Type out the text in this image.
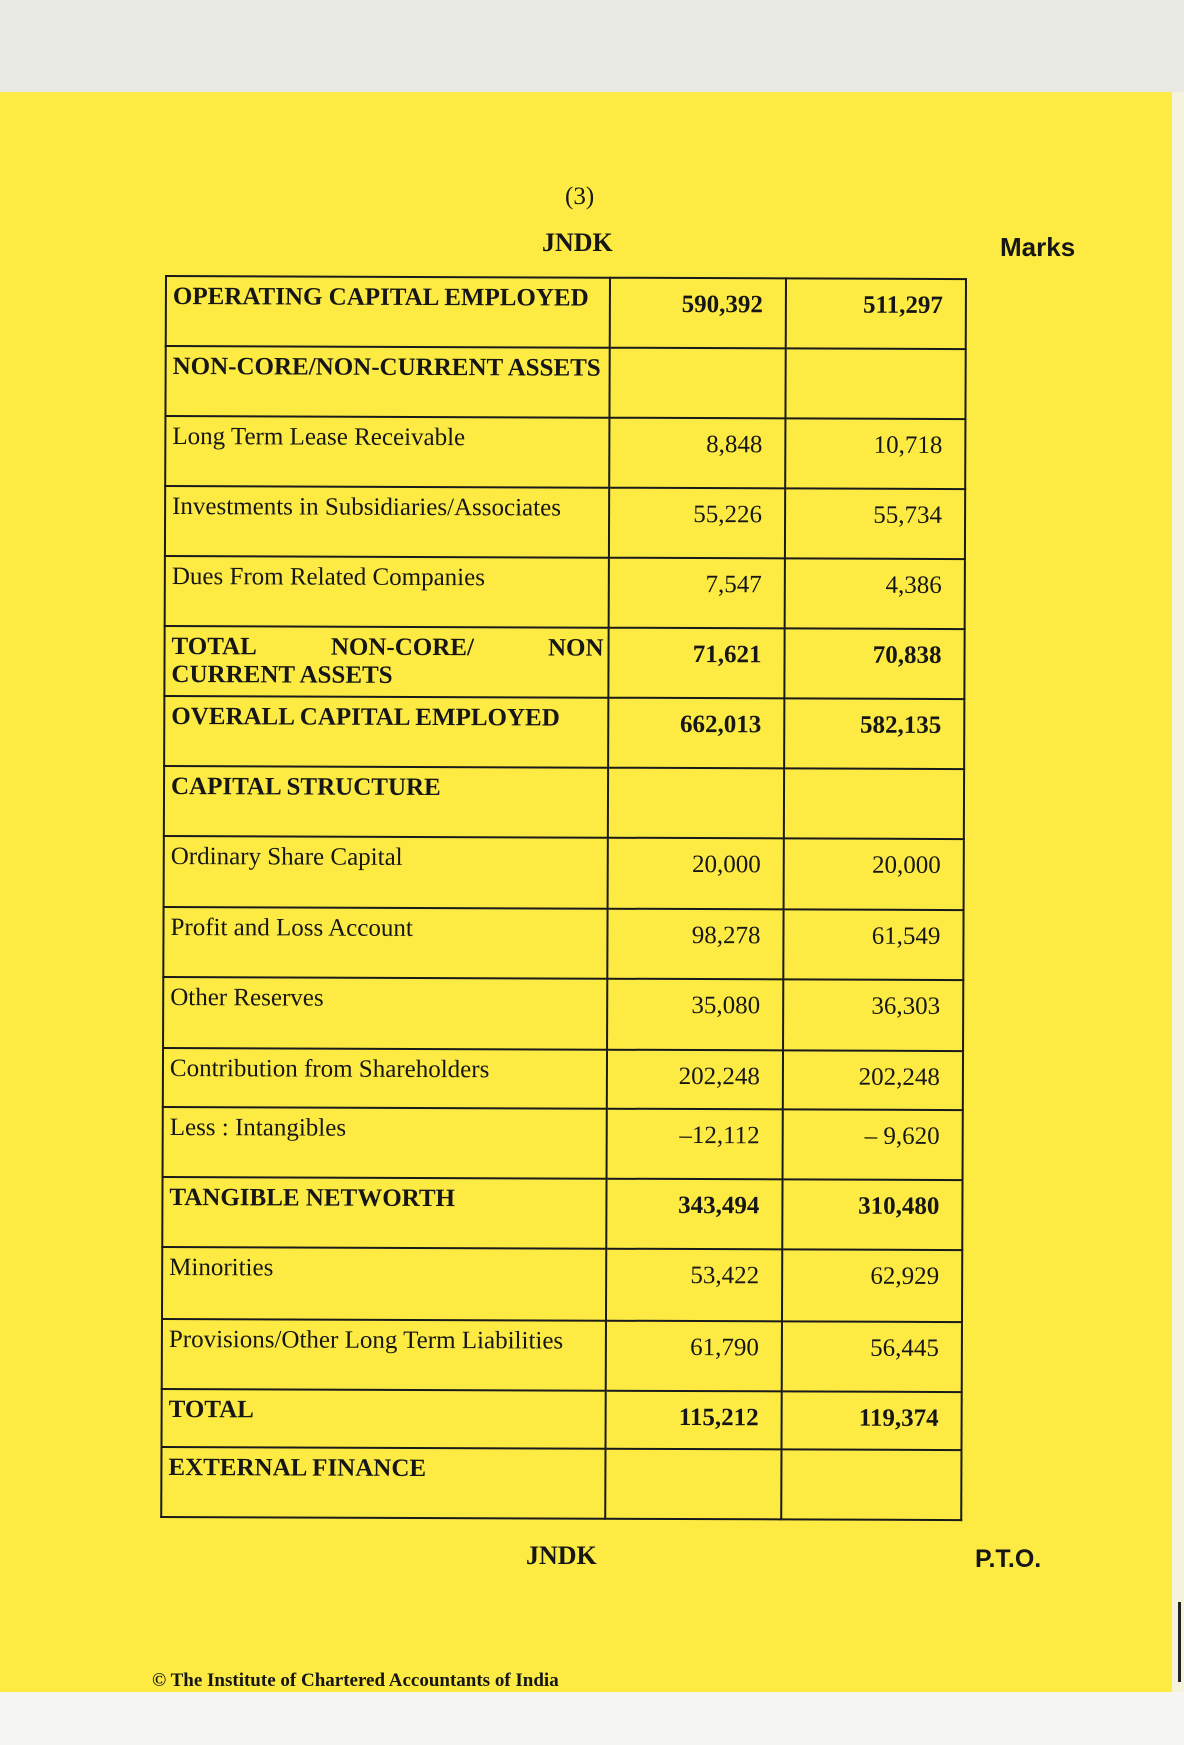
(3)
JNDK	Marks
OPERATING CAPITAL EMPLOYED	590,392	511,297
NON-CORE/NON-CURRENT ASSETS		
Long Term Lease Receivable	8,848	10,718
Investments in Subsidiaries/Associates	55,226	55,734
Dues From Related Companies	7,547	4,386

TOTAL NON-CORE/ NON
CURRENT ASSETS	71,621	70,838
OVERALL CAPITAL EMPLOYED	662,013	582,135
CAPITAL STRUCTURE		
Ordinary Share Capital	20,000	20,000
Profit and Loss Account	98,278	61,549
Other Reserves	35,080	36,303
Contribution from Shareholders	202,248	202,248
Less : Intangibles	–12,112	– 9,620
TANGIBLE NETWORTH	343,494	310,480
Minorities	53,422	62,929
Provisions/Other Long Term Liabilities	61,790	56,445
TOTAL	115,212	119,374
EXTERNAL FINANCE		
JNDK	P.T.O.
© The Institute of Chartered Accountants of India
